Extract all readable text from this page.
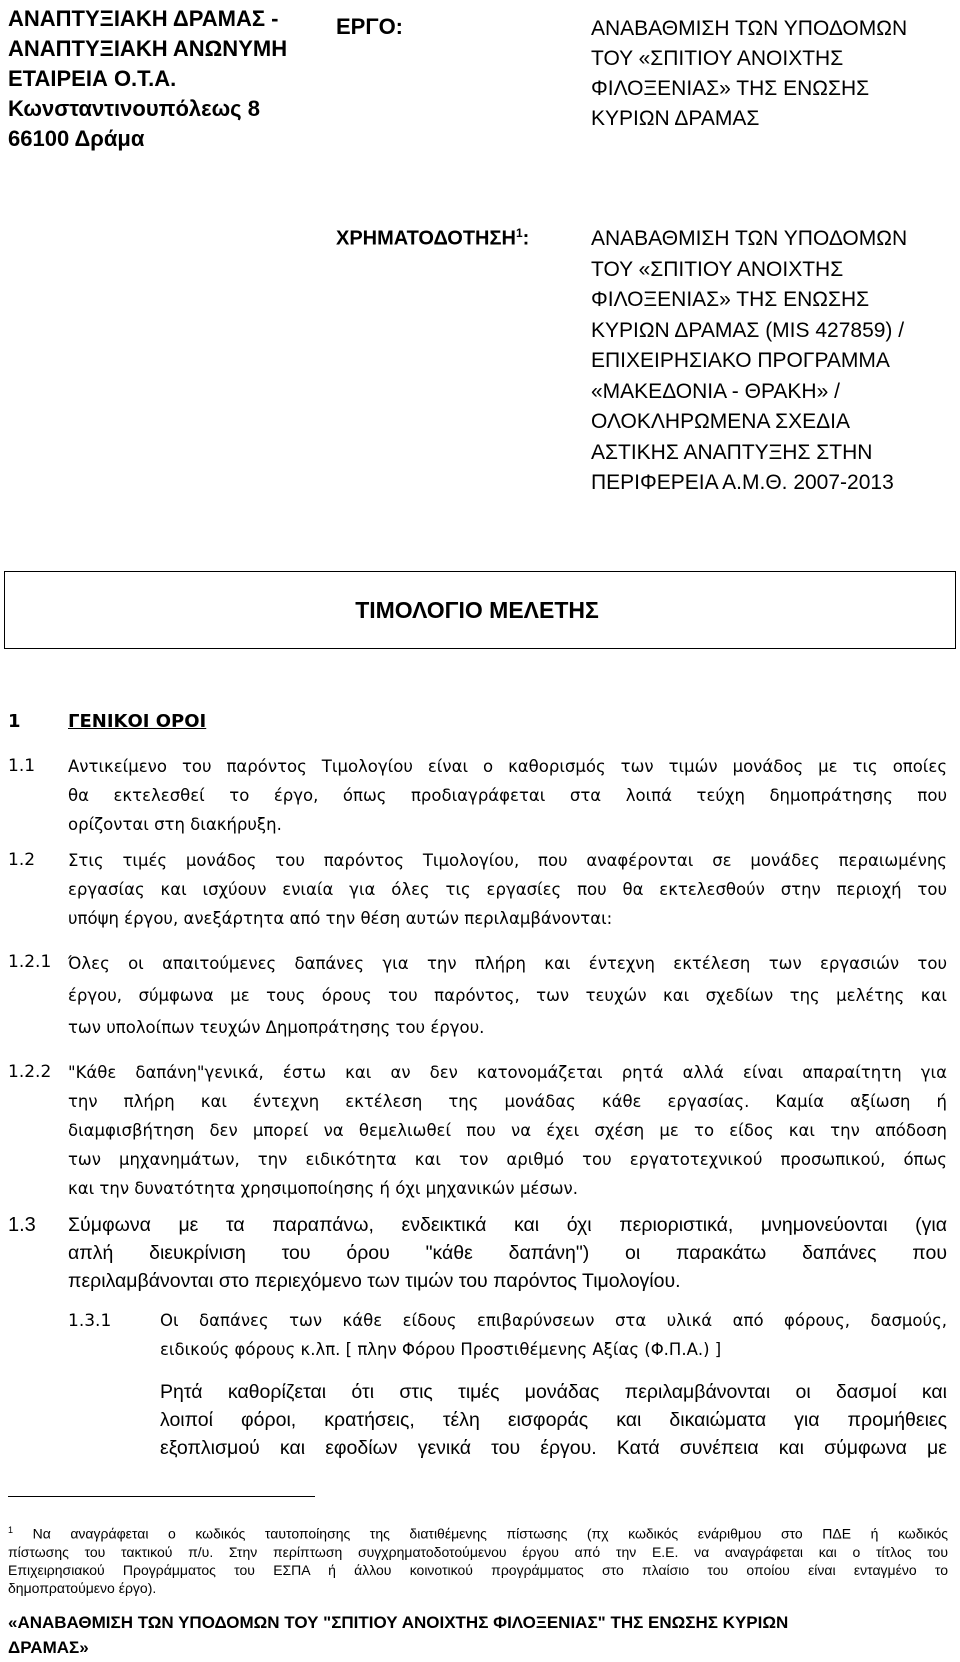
ΑΝΑΠΤΥΞΙΑΚΗ ΔΡΑΜΑΣ -
ΑΝΑΠΤΥΞΙΑΚΗ ΑΝΩΝΥΜΗ
ΕΤΑΙΡΕΙΑ Ο.Τ.Α.
Κωνσταντινουπόλεως 8
66100 Δράμα
ΕΡΓΟ:	ΑΝΑΒΑΘΜΙΣΗ ΤΩΝ ΥΠΟΔΟΜΩΝ
ΤΟΥ «ΣΠΙΤΙΟΥ ΑΝΟΙΧΤΗΣ
ΦΙΛΟΞΕΝΙΑΣ» ΤΗΣ ΕΝΩΣΗΣ
ΚΥΡΙΩΝ ΔΡΑΜΑΣ
ΧΡΗΜΑΤΟΔΟΤΗΣΗ$^1$:	ΑΝΑΒΑΘΜΙΣΗ ΤΩΝ ΥΠΟΔΟΜΩΝ
ΤΟΥ «ΣΠΙΤΙΟΥ ΑΝΟΙΧΤΗΣ
ΦΙΛΟΞΕΝΙΑΣ» ΤΗΣ ΕΝΩΣΗΣ
ΚΥΡΙΩΝ ΔΡΑΜΑΣ (MIS 427859) /
ΕΠΙΧΕΙΡΗΣΙΑΚΟ ΠΡΟΓΡΑΜΜΑ
«ΜΑΚΕΔΟΝΙΑ - ΘΡΑΚΗ» /
ΟΛΟΚΛΗΡΩΜΕΝΑ ΣΧΕΔΙΑ
ΑΣΤΙΚΗΣ ΑΝΑΠΤΥΞΗΣ ΣΤΗΝ
ΠΕΡΙΦΕΡΕΙΑ Α.Μ.Θ. 2007-2013
ΤΙΜΟΛΟΓΙΟ ΜΕΛΕΤΗΣ
1	ΓΕΝΙΚΟΙ ΟΡΟΙ
1.1 Αντικείμενο του παρόντος Τιμολογίου είναι ο καθορισμός των τιμών μονάδος με τις οποίες
θα εκτελεσθεί το έργο, όπως προδιαγράφεται στα λοιπά τεύχη δημοπράτησης που
ορίζονται στη διακήρυξη.
1.2 Στις τιμές μονάδος του παρόντος Τιμολογίου, που αναφέρονται σε μονάδες περαιωμένης
εργασίας και ισχύουν ενιαία για όλες τις εργασίες που θα εκτελεσθούν στην περιοχή του
υπόψη έργου, ανεξάρτητα από την θέση αυτών περιλαμβάνονται:
1.2.1 Όλες οι απαιτούμενες δαπάνες για την πλήρη και έντεχνη εκτέλεση των εργασιών του
έργου, σύμφωνα με τους όρους του παρόντος, των τευχών και σχεδίων της μελέτης και
των υπολοίπων τευχών Δημοπράτησης του έργου.
1.2.2 "Κάθε δαπάνη"γενικά, έστω και αν δεν κατονομάζεται ρητά αλλά είναι απαραίτητη για
την πλήρη και έντεχνη εκτέλεση της μονάδας κάθε εργασίας. Καμία αξίωση ή
διαμφισβήτηση δεν μπορεί να θεμελιωθεί που να έχει σχέση με το είδος και την απόδοση
των μηχανημάτων, την ειδικότητα και τον αριθμό του εργατοτεχνικού προσωπικού, όπως
και την δυνατότητα χρησιμοποίησης ή όχι μηχανικών μέσων.
1.3 Σύμφωνα με τα παραπάνω, ενδεικτικά και όχι περιοριστικά, μνημονεύονται (για
απλή διευκρίνιση του όρου "κάθε δαπάνη") οι παρακάτω δαπάνες που
περιλαμβάνονται στο περιεχόμενο των τιμών του παρόντος Τιμολογίου.
1.3.1	Οι δαπάνες των κάθε είδους επιβαρύνσεων στα υλικά από φόρους, δασμούς,
ειδικούς φόρους κ.λπ. [ πλην Φόρου Προστιθέμενης Αξίας (Φ.Π.Α.) ]
Ρητά καθορίζεται ότι στις τιμές μονάδας περιλαμβάνονται οι δασμοί και
λοιποί φόροι, κρατήσεις, τέλη εισφοράς και δικαιώματα για προμήθειες
εξοπλισμού και εφοδίων γενικά του έργου. Κατά συνέπεια και σύμφωνα με
$^1$ Να αναγράφεται ο κωδικός ταυτοποίησης της διατιθέμενης πίστωσης (πχ κωδικός ενάριθμου στο ΠΔΕ ή κωδικός
πίστωσης του τακτικού π/υ. Στην περίπτωση συγχρηματοδοτούμενου έργου από την Ε.Ε. να αναγράφεται και ο τίτλος του
Επιχειρησιακού Προγράμματος του ΕΣΠΑ ή άλλου κοινοτικού προγράμματος στο πλαίσιο του οποίου είναι ενταγμένο το
δημοπρατούμενο έργο).
«ΑΝΑΒΑΘΜΙΣΗ ΤΩΝ ΥΠΟΔΟΜΩΝ ΤΟΥ "ΣΠΙΤΙΟΥ ΑΝΟΙΧΤΗΣ ΦΙΛΟΞΕΝΙΑΣ" ΤΗΣ ΕΝΩΣΗΣ ΚΥΡΙΩΝ
ΔΡΑΜΑΣ»
